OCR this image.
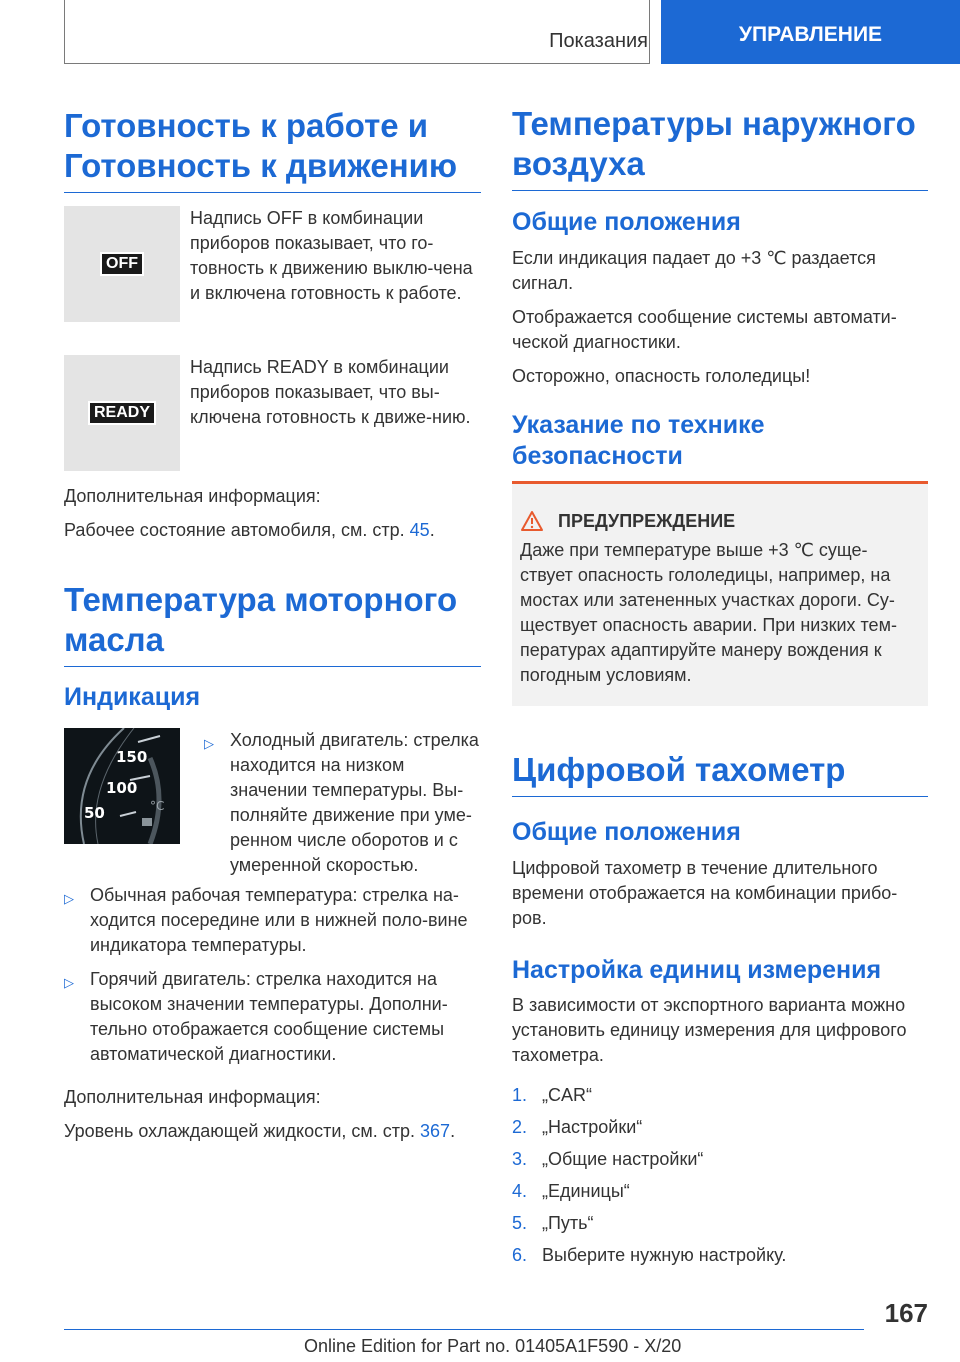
Показания	УПРАВЛЕНИЕ
Готовность к работе и Готовность к движению
OFF
Надпись OFF в комбинации приборов показывает, что го-товность к движению выклю-чена и включена готовность к работе.
READY
Надпись READY в комбинации приборов показывает, что вы-ключена готовность к движе-нию.

Дополнительная информация:

Рабочее состояние автомобиля, см. стр. 45.

Температура моторного масла
Индикация
150
100
50	°C
▷ Холодный двигатель: стрелка находится на низком значении температуры. Вы-полняйте движение при уме-ренном числе оборотов и с умеренной скоростью.
▷ Обычная рабочая температура: стрелка на-ходится посередине или в нижней поло-вине индикатора температуры.
▷ Горячий двигатель: стрелка находится на высоком значении температуры. Дополни-тельно отображается сообщение системы автоматической диагностики.

Дополнительная информация:

Уровень охлаждающей жидкости, см. стр. 367.

Температуры наружного воздуха
Общие положения

Если индикация падает до +3 ℃ раздается сигнал.

Отображается сообщение системы автомати-ческой диагностики.

Осторожно, опасность гололедицы!

Указание по технике безопасности
ПРЕДУПРЕЖДЕНИЕ

Даже при температуре выше +3 ℃ суще-ствует опасность гололедицы, например, на мостах или затененных участках дороги. Су-ществует опасность аварии. При низких тем-пературах адаптируйте манеру вождения к погодным условиям.

Цифровой тахометр
Общие положения

Цифровой тахометр в течение длительного времени отображается на комбинации прибо-ров.

Настройка единиц измерения

В зависимости от экспортного варианта можно установить единицу измерения для цифрового тахометра.

1. „CAR“
2. „Настройки“
3. „Общие настройки“
4. „Единицы“
5. „Путь“
6. Выберите нужную настройку.
167
Online Edition for Part no. 01405A1F590 - X/20
